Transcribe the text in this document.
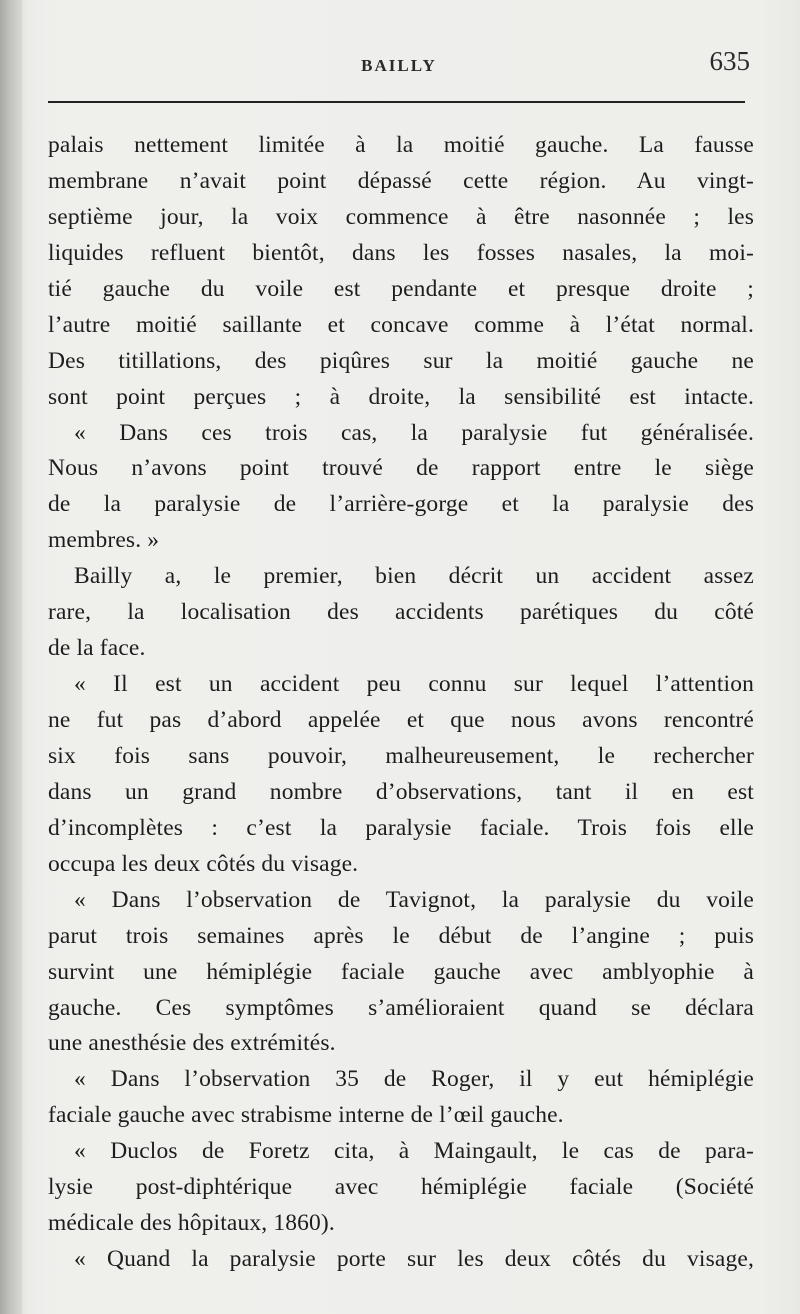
BAILLY	635
palais nettement limitée à la moitié gauche. La fausse
membrane n’avait point dépassé cette région. Au vingt-
septième jour, la voix commence à être nasonnée ; les
liquides refluent bientôt, dans les fosses nasales, la moi-
tié gauche du voile est pendante et presque droite ;
l’autre moitié saillante et concave comme à l’état normal.
Des titillations, des piqûres sur la moitié gauche ne
sont point perçues ; à droite, la sensibilité est intacte.
« Dans ces trois cas, la paralysie fut généralisée.
Nous n’avons point trouvé de rapport entre le siège
de la paralysie de l’arrière-gorge et la paralysie des
membres. »
Bailly a, le premier, bien décrit un accident assez
rare, la localisation des accidents parétiques du côté
de la face.
« Il est un accident peu connu sur lequel l’attention
ne fut pas d’abord appelée et que nous avons rencontré
six fois sans pouvoir, malheureusement, le rechercher
dans un grand nombre d’observations, tant il en est
d’incomplètes : c’est la paralysie faciale. Trois fois elle
occupa les deux côtés du visage.
« Dans l’observation de Tavignot, la paralysie du voile
parut trois semaines après le début de l’angine ; puis
survint une hémiplégie faciale gauche avec amblyophie à
gauche. Ces symptômes s’amélioraient quand se déclara
une anesthésie des extrémités.
« Dans l’observation 35 de Roger, il y eut hémiplégie
faciale gauche avec strabisme interne de l’œil gauche.
« Duclos de Foretz cita, à Maingault, le cas de para-
lysie post-diphtérique avec hémiplégie faciale (Société
médicale des hôpitaux, 1860).
« Quand la paralysie porte sur les deux côtés du visage,
